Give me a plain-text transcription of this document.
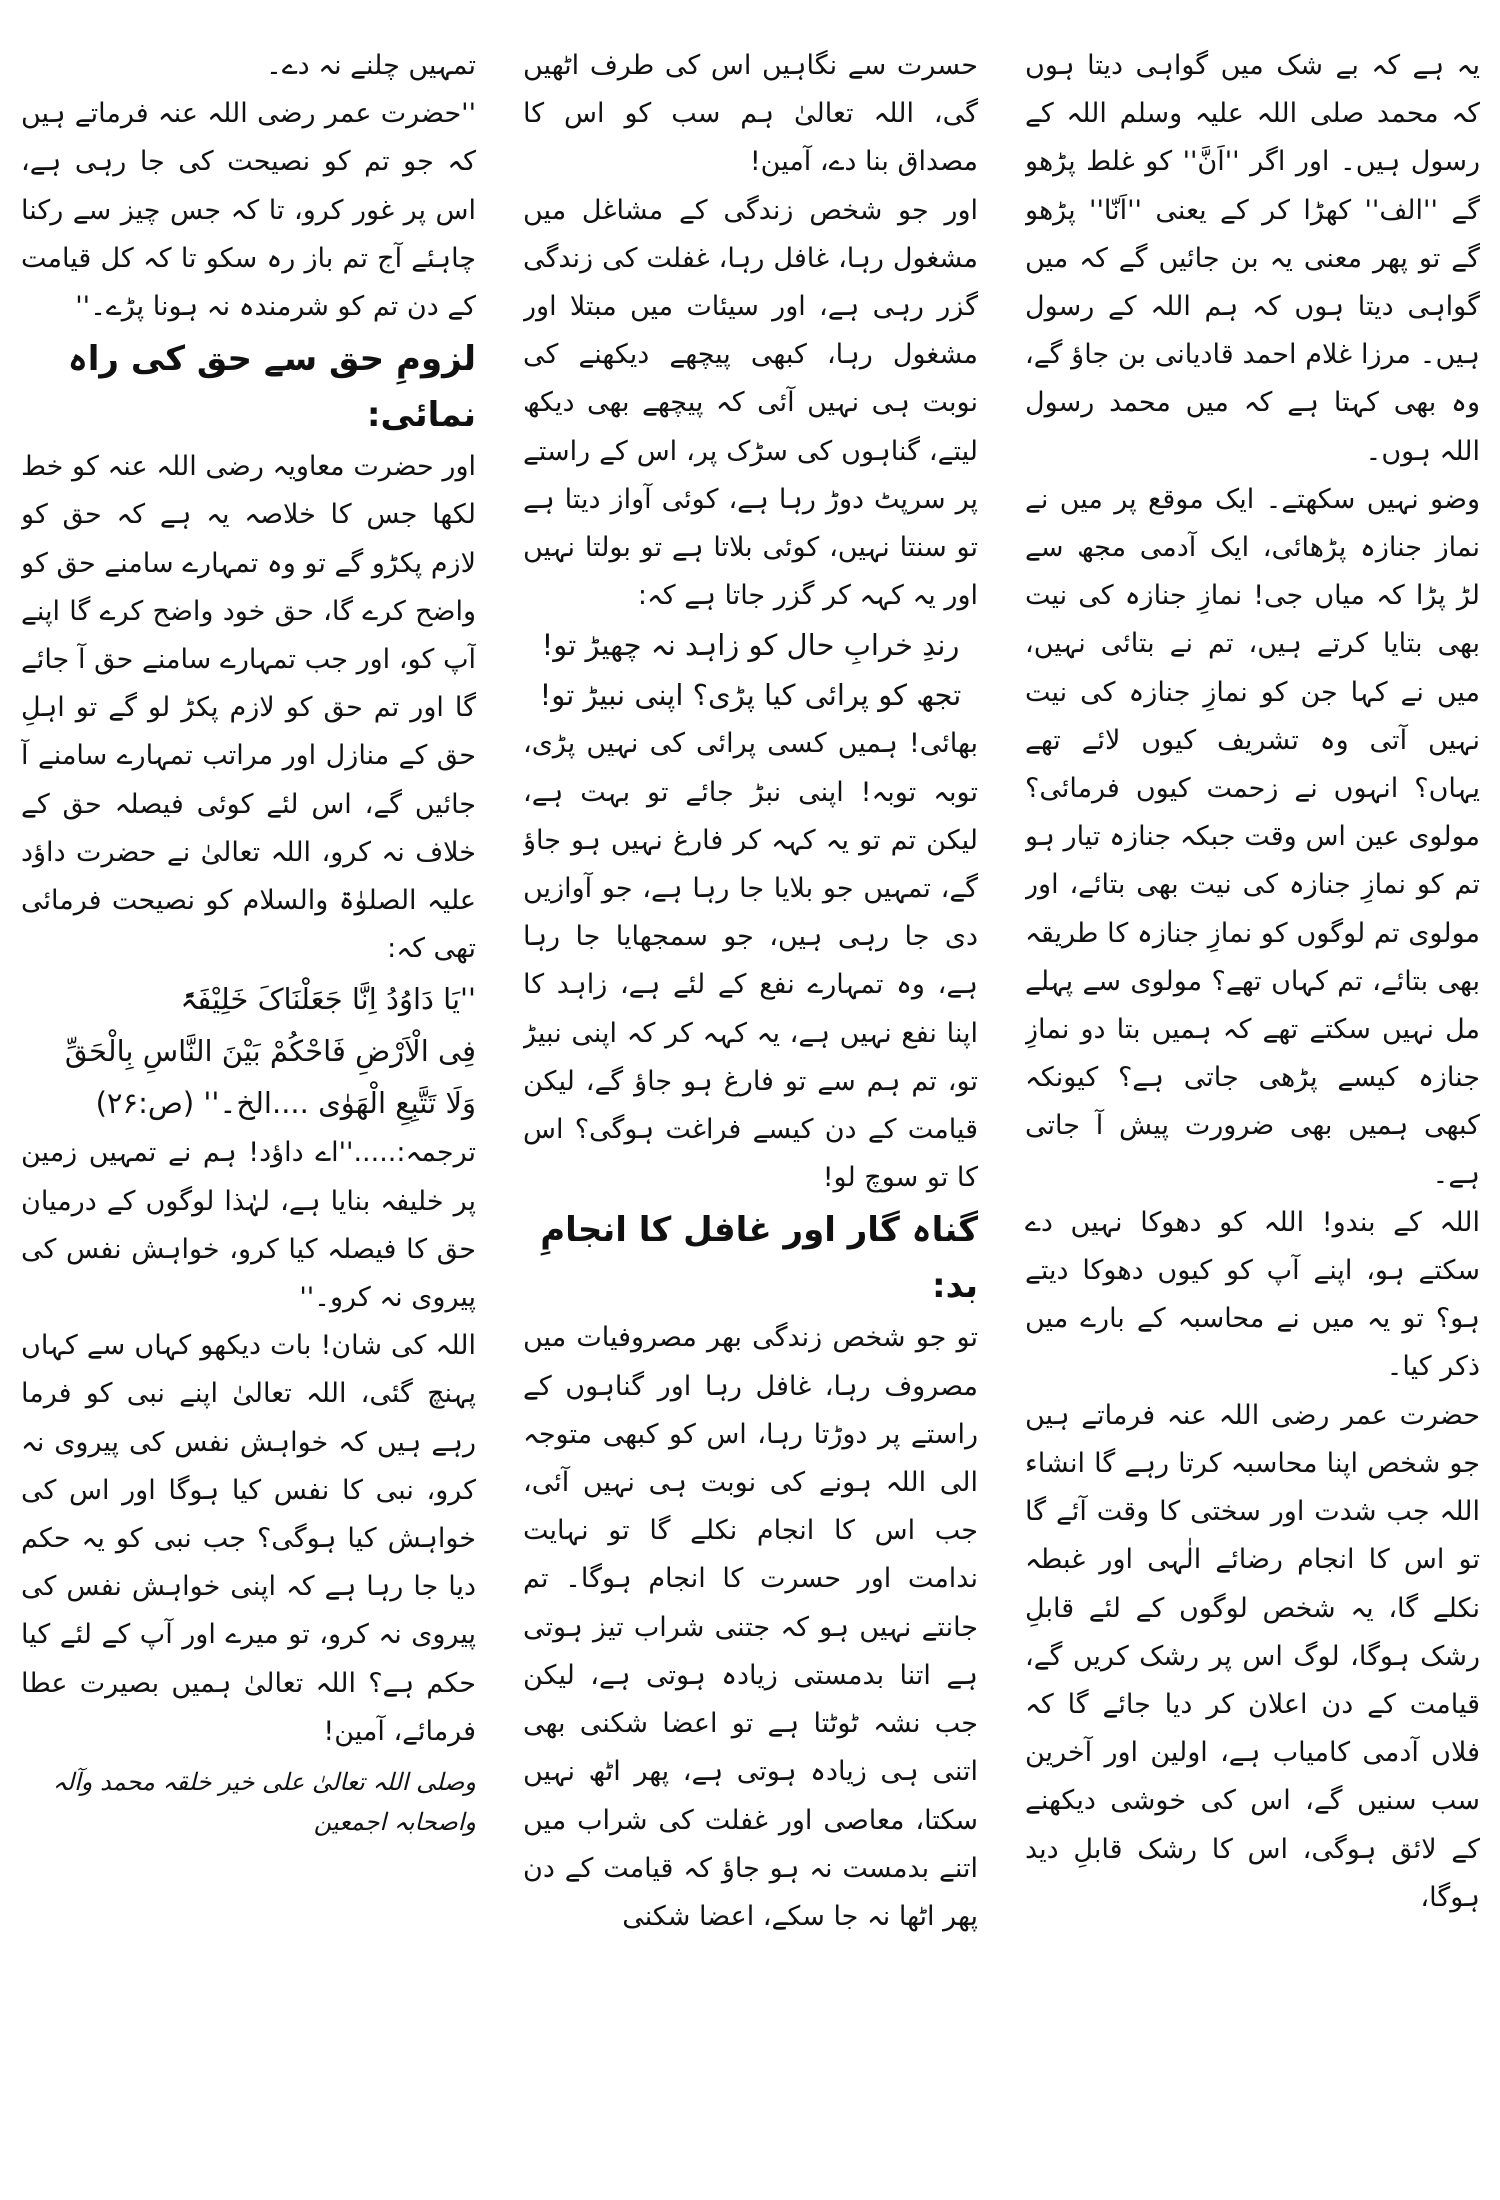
یہ ہے کہ بے شک میں گواہی دیتا ہوں کہ محمد صلی اللہ علیہ وسلم اللہ کے رسول ہیں۔ اور اگر ''اَنَّ'' کو غلط پڑھو گے ''الف'' کھڑا کر کے یعنی ''اَنّا'' پڑھو گے تو پھر معنی یہ بن جائیں گے کہ میں گواہی دیتا ہوں کہ ہم اللہ کے رسول ہیں۔ مرزا غلام احمد قادیانی بن جاؤ گے، وہ بھی کہتا ہے کہ میں محمد رسول اللہ ہوں۔

وضو نہیں سکھتے۔ ایک موقع پر میں نے نماز جنازہ پڑھائی، ایک آدمی مجھ سے لڑ پڑا کہ میاں جی! نمازِ جنازہ کی نیت بھی بتایا کرتے ہیں، تم نے بتائی نہیں، میں نے کہا جن کو نمازِ جنازہ کی نیت نہیں آتی وہ تشریف کیوں لائے تھے یہاں؟ انہوں نے زحمت کیوں فرمائی؟ مولوی عین اس وقت جبکہ جنازہ تیار ہو تم کو نمازِ جنازہ کی نیت بھی بتائے، اور مولوی تم لوگوں کو نمازِ جنازہ کا طریقہ بھی بتائے، تم کہاں تھے؟ مولوی سے پہلے مل نہیں سکتے تھے کہ ہمیں بتا دو نمازِ جنازہ کیسے پڑھی جاتی ہے؟ کیونکہ کبھی ہمیں بھی ضرورت پیش آ جاتی ہے۔

اللہ کے بندو! اللہ کو دھوکا نہیں دے سکتے ہو، اپنے آپ کو کیوں دھوکا دیتے ہو؟ تو یہ میں نے محاسبہ کے بارے میں ذکر کیا۔

حضرت عمر رضی اللہ عنہ فرماتے ہیں جو شخص اپنا محاسبہ کرتا رہے گا انشاء اللہ جب شدت اور سختی کا وقت آئے گا تو اس کا انجام رضائے الٰہی اور غبطہ نکلے گا، یہ شخص لوگوں کے لئے قابلِ رشک ہوگا، لوگ اس پر رشک کریں گے، قیامت کے دن اعلان کر دیا جائے گا کہ فلاں آدمی کامیاب ہے، اولین اور آخرین سب سنیں گے، اس کی خوشی دیکھنے کے لائق ہوگی، اس کا رشک قابلِ دید ہوگا،

حسرت سے نگاہیں اس کی طرف اٹھیں گی، اللہ تعالیٰ ہم سب کو اس کا مصداق بنا دے، آمین!

اور جو شخص زندگی کے مشاغل میں مشغول رہا، غافل رہا، غفلت کی زندگی گزر رہی ہے، اور سیئات میں مبتلا اور مشغول رہا، کبھی پیچھے دیکھنے کی نوبت ہی نہیں آئی کہ پیچھے بھی دیکھ لیتے، گناہوں کی سڑک پر، اس کے راستے پر سرپٹ دوڑ رہا ہے، کوئی آواز دیتا ہے تو سنتا نہیں، کوئی بلاتا ہے تو بولتا نہیں اور یہ کہہ کر گزر جاتا ہے کہ:

رندِ خرابِ حال کو زاہد نہ چھیڑ تو!

تجھ کو پرائی کیا پڑی؟ اپنی نبیڑ تو!

بھائی! ہمیں کسی پرائی کی نہیں پڑی، توبہ توبہ! اپنی نبڑ جائے تو بہت ہے، لیکن تم تو یہ کہہ کر فارغ نہیں ہو جاؤ گے، تمہیں جو بلایا جا رہا ہے، جو آوازیں دی جا رہی ہیں، جو سمجھایا جا رہا ہے، وہ تمہارے نفع کے لئے ہے، زاہد کا اپنا نفع نہیں ہے، یہ کہہ کر کہ اپنی نبیڑ تو، تم ہم سے تو فارغ ہو جاؤ گے، لیکن قیامت کے دن کیسے فراغت ہوگی؟ اس کا تو سوچ لو!

گناہ گار اور غافل کا انجامِ بد:

تو جو شخص زندگی بھر مصروفیات میں مصروف رہا، غافل رہا اور گناہوں کے راستے پر دوڑتا رہا، اس کو کبھی متوجہ الی اللہ ہونے کی نوبت ہی نہیں آئی، جب اس کا انجام نکلے گا تو نہایت ندامت اور حسرت کا انجام ہوگا۔ تم جانتے نہیں ہو کہ جتنی شراب تیز ہوتی ہے اتنا بدمستی زیادہ ہوتی ہے، لیکن جب نشہ ٹوٹتا ہے تو اعضا شکنی بھی اتنی ہی زیادہ ہوتی ہے، پھر اٹھ نہیں سکتا، معاصی اور غفلت کی شراب میں اتنے بدمست نہ ہو جاؤ کہ قیامت کے دن پھر اٹھا نہ جا سکے، اعضا شکنی

تمہیں چلنے نہ دے۔

''حضرت عمر رضی اللہ عنہ فرماتے ہیں کہ جو تم کو نصیحت کی جا رہی ہے، اس پر غور کرو، تا کہ جس چیز سے رکنا چاہئے آج تم باز رہ سکو تا کہ کل قیامت کے دن تم کو شرمندہ نہ ہونا پڑے۔''

لزومِ حق سے حق کی راہ نمائی:

اور حضرت معاویہ رضی اللہ عنہ کو خط لکھا جس کا خلاصہ یہ ہے کہ حق کو لازم پکڑو گے تو وہ تمہارے سامنے حق کو واضح کرے گا، حق خود واضح کرے گا اپنے آپ کو، اور جب تمہارے سامنے حق آ جائے گا اور تم حق کو لازم پکڑ لو گے تو اہلِ حق کے منازل اور مراتب تمہارے سامنے آ جائیں گے، اس لئے کوئی فیصلہ حق کے خلاف نہ کرو، اللہ تعالیٰ نے حضرت داؤد علیہ الصلوٰۃ والسلام کو نصیحت فرمائی تھی کہ:

''یَا دَاوُدُ اِنَّا جَعَلْنَاکَ خَلِیْفَۃً

فِی الْاَرْضِ فَاحْکُمْ بَیْنَ النَّاسِ بِالْحَقِّ

وَلَا تَتَّبِعِ الْھَوٰی ....الخ۔'' (ص:۲۶)

ترجمہ:.....''اے داؤد! ہم نے تمہیں زمین پر خلیفہ بنایا ہے، لہٰذا لوگوں کے درمیان حق کا فیصلہ کیا کرو، خواہش نفس کی پیروی نہ کرو۔''

اللہ کی شان! بات دیکھو کہاں سے کہاں پہنچ گئی، اللہ تعالیٰ اپنے نبی کو فرما رہے ہیں کہ خواہش نفس کی پیروی نہ کرو، نبی کا نفس کیا ہوگا اور اس کی خواہش کیا ہوگی؟ جب نبی کو یہ حکم دیا جا رہا ہے کہ اپنی خواہش نفس کی پیروی نہ کرو، تو میرے اور آپ کے لئے کیا حکم ہے؟ اللہ تعالیٰ ہمیں بصیرت عطا فرمائے، آمین!

وصلی اللہ تعالیٰ علی خیر خلقہ محمد وآلہ واصحابہ اجمعین
